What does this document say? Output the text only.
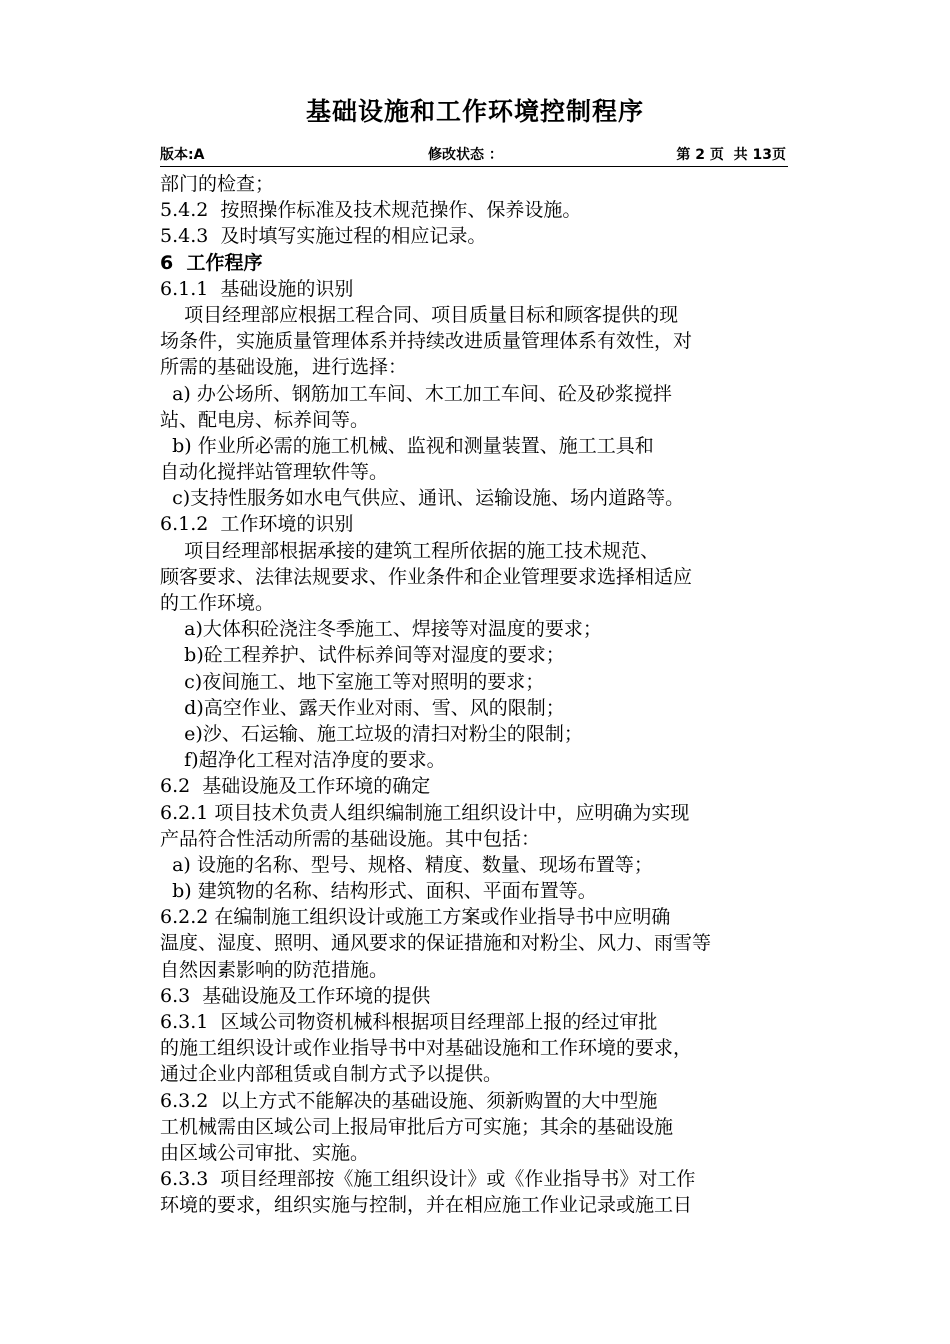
基础设施和工作环境控制程序
版本:A	修改状态 ：	第 2 页  共 13页
部门的检查；
5.4.2  按照操作标准及技术规范操作、保养设施。
5.4.3  及时填写实施过程的相应记录。
6  工作程序
6.1.1  基础设施的识别
项目经理部应根据工程合同、项目质量目标和顾客提供的现
场条件，实施质量管理体系并持续改进质量管理体系有效性，对
所需的基础设施，进行选择：
a) 办公场所、钢筋加工车间、木工加工车间、砼及砂浆搅拌
站、配电房、标养间等。
b) 作业所必需的施工机械、监视和测量装置、施工工具和
自动化搅拌站管理软件等。
c)支持性服务如水电气供应、通讯、运输设施、场内道路等。
6.1.2  工作环境的识别
项目经理部根据承接的建筑工程所依据的施工技术规范、
顾客要求、法律法规要求、作业条件和企业管理要求选择相适应
的工作环境。
a)大体积砼浇注冬季施工、焊接等对温度的要求；
b)砼工程养护、试件标养间等对湿度的要求；
c)夜间施工、地下室施工等对照明的要求；
d)高空作业、露天作业对雨、雪、风的限制；
e)沙、石运输、施工垃圾的清扫对粉尘的限制；
f)超净化工程对洁净度的要求。
6.2  基础设施及工作环境的确定
6.2.1 项目技术负责人组织编制施工组织设计中，应明确为实现
产品符合性活动所需的基础设施。其中包括：
a) 设施的名称、型号、规格、精度、数量、现场布置等；
b) 建筑物的名称、结构形式、面积、平面布置等。
6.2.2 在编制施工组织设计或施工方案或作业指导书中应明确
温度、湿度、照明、通风要求的保证措施和对粉尘、风力、雨雪等
自然因素影响的防范措施。
6.3  基础设施及工作环境的提供
6.3.1  区域公司物资机械科根据项目经理部上报的经过审批
的施工组织设计或作业指导书中对基础设施和工作环境的要求，
通过企业内部租赁或自制方式予以提供。
6.3.2  以上方式不能解决的基础设施、须新购置的大中型施
工机械需由区域公司上报局审批后方可实施；其余的基础设施
由区域公司审批、实施。
6.3.3  项目经理部按《施工组织设计》或《作业指导书》对工作
环境的要求，组织实施与控制，并在相应施工作业记录或施工日
